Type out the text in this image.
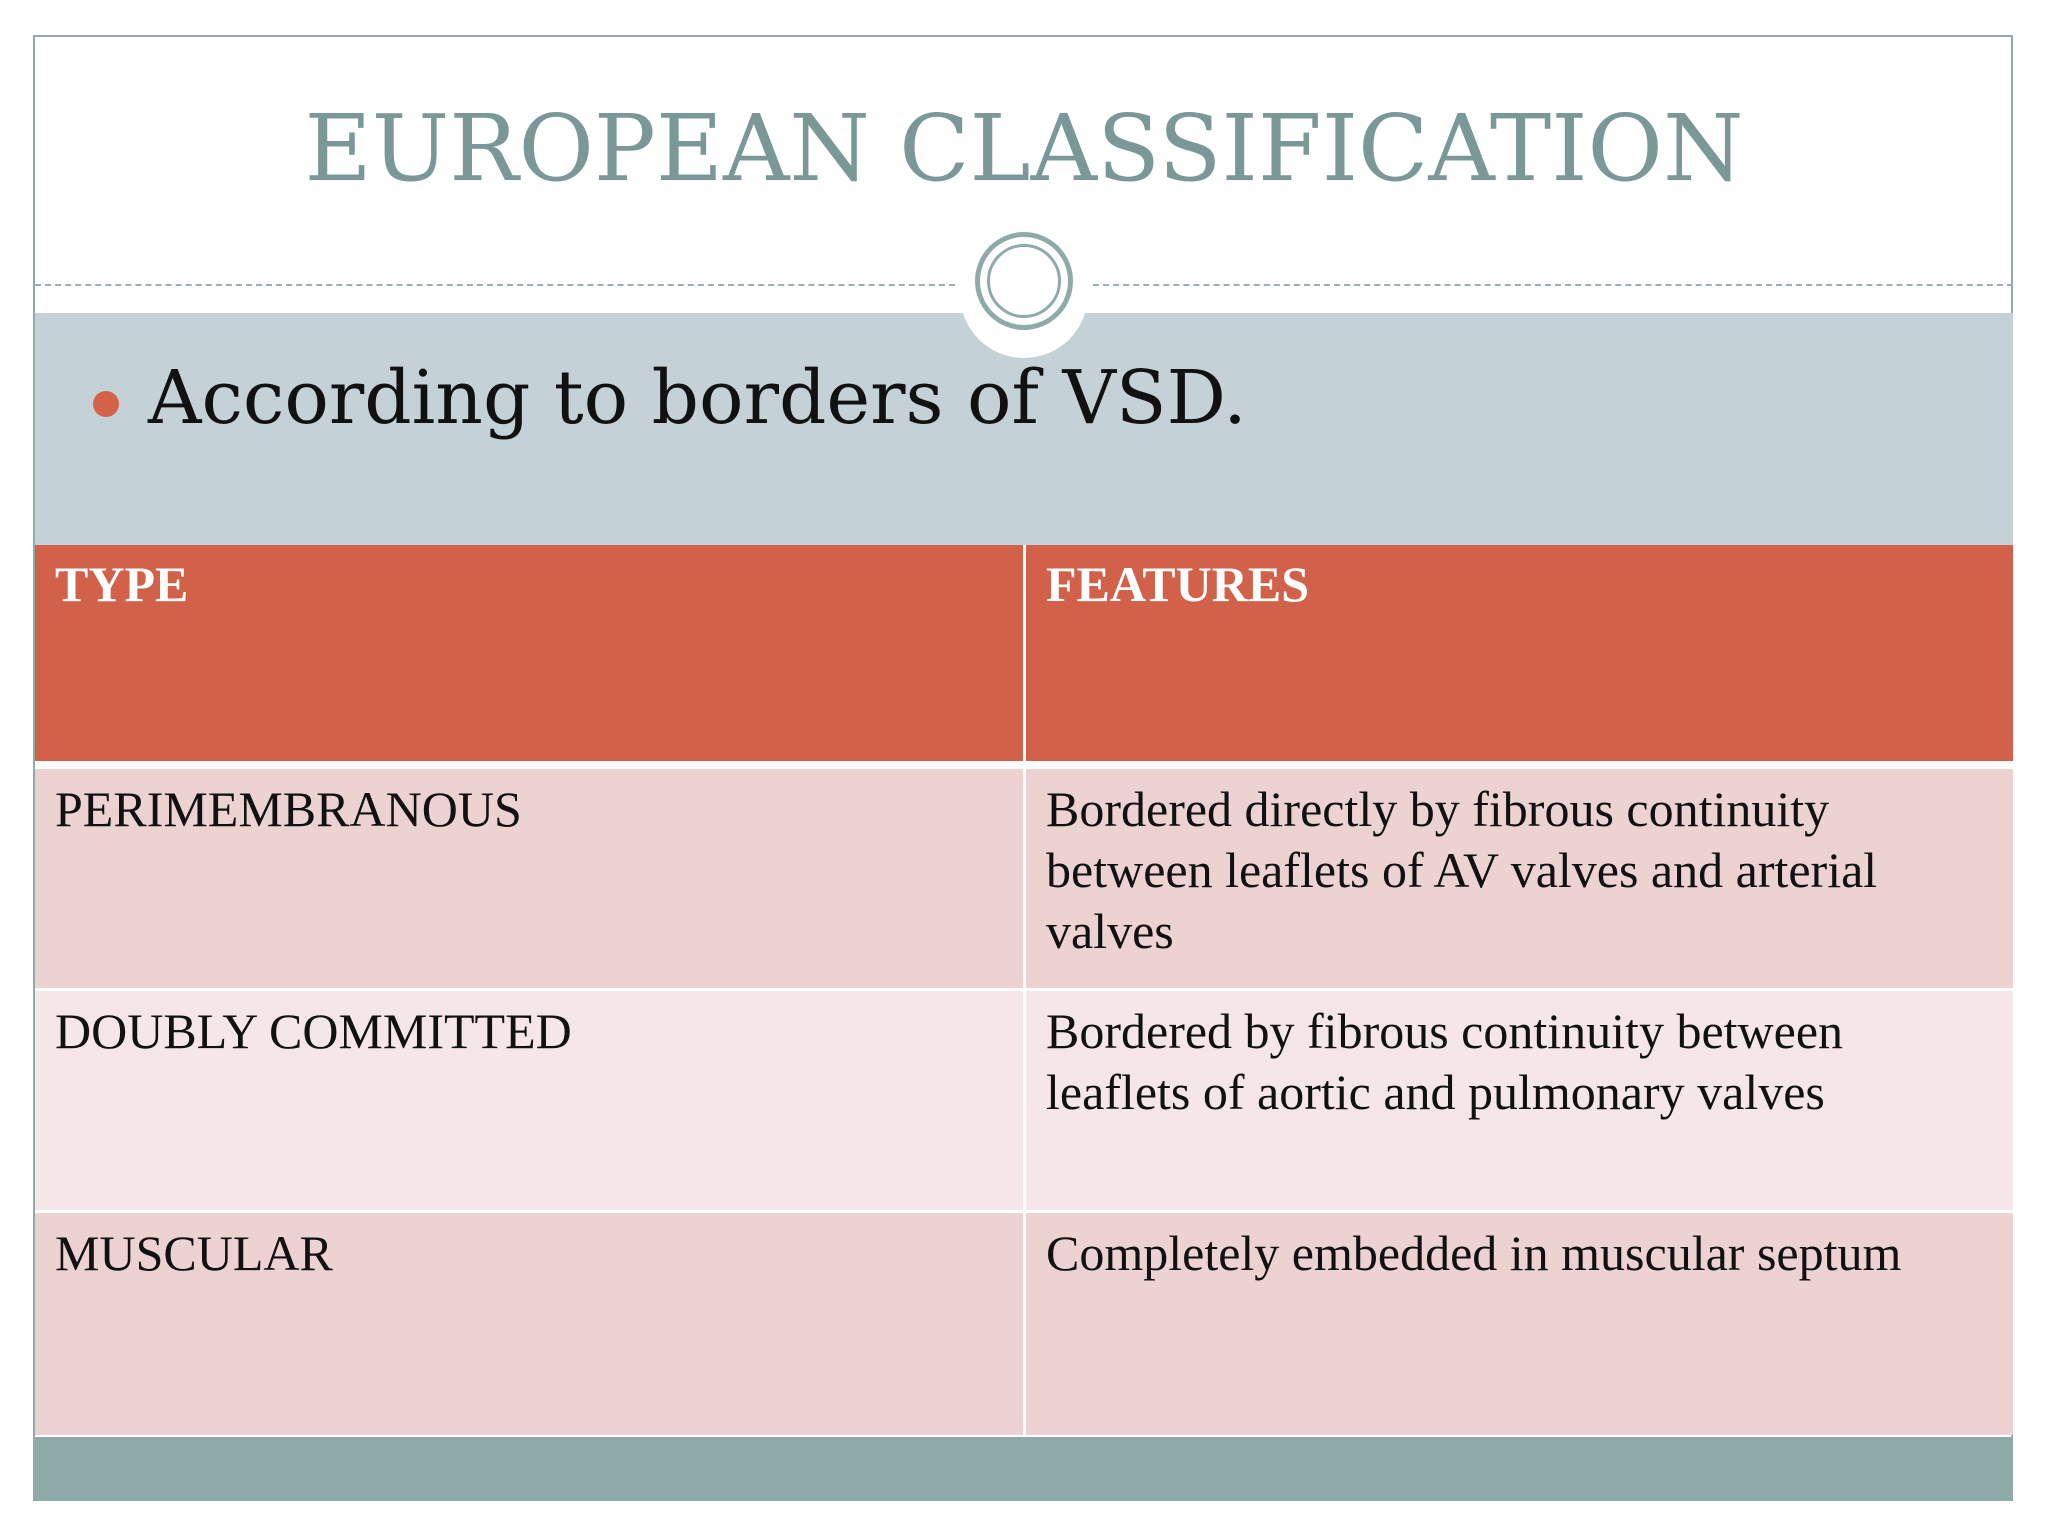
EUROPEAN CLASSIFICATION
According to borders of VSD.
TYPE	FEATURES
PERIMEMBRANOUS	Bordered directly by fibrous continuity between leaflets of AV valves and arterial valves
DOUBLY COMMITTED	Bordered by fibrous continuity between leaflets of aortic and pulmonary valves
MUSCULAR	Completely embedded in muscular septum
